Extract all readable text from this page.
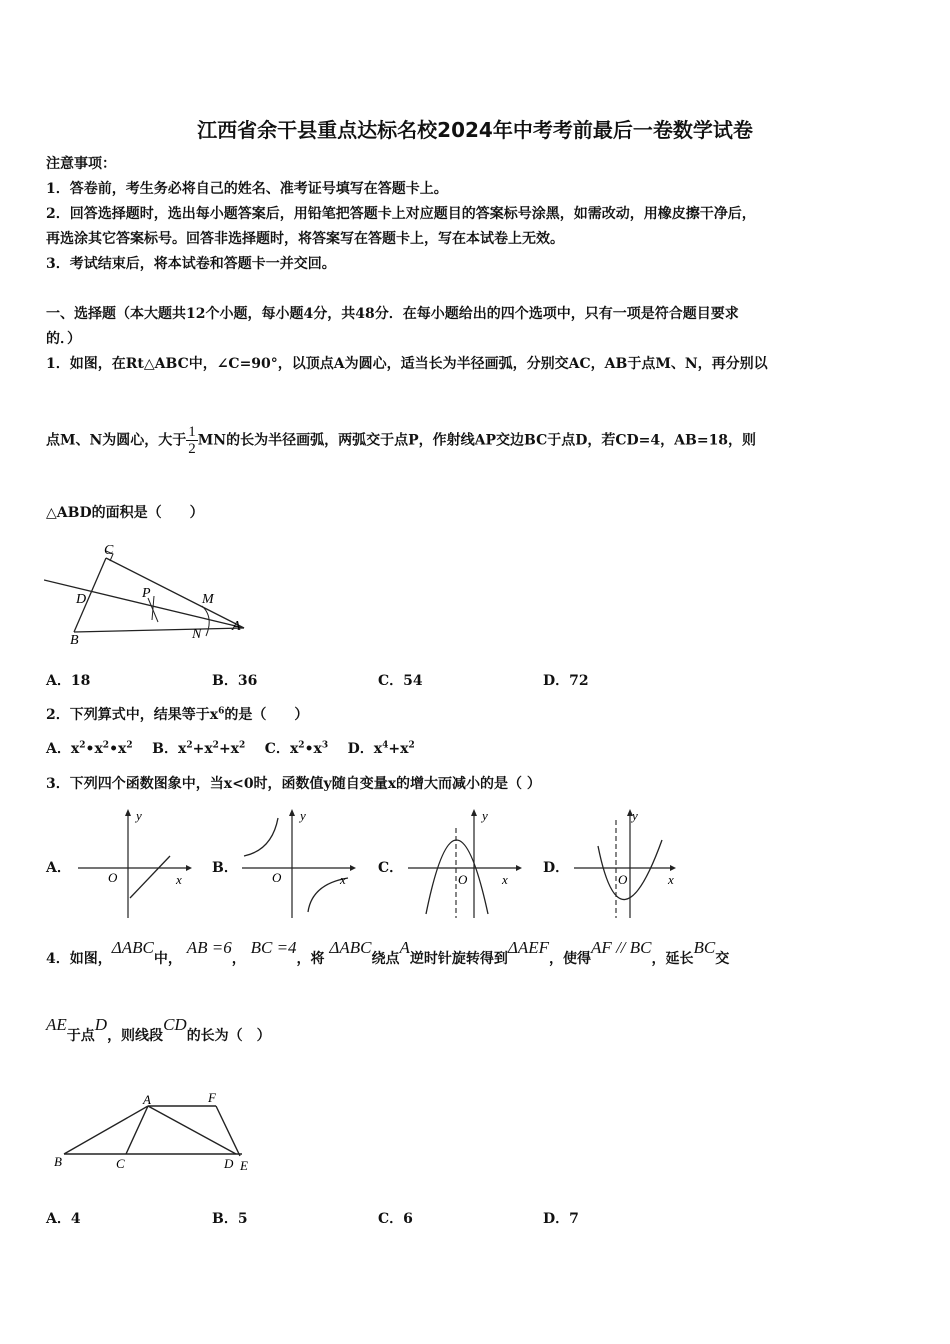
江西省余干县重点达标名校2024年中考考前最后一卷数学试卷
注意事项：
1．答卷前，考生务必将自己的姓名、准考证号填写在答题卡上。
2．回答选择题时，选出每小题答案后，用铅笔把答题卡上对应题目的答案标号涂黑，如需改动，用橡皮擦干净后，
再选涂其它答案标号。回答非选择题时，将答案写在答题卡上，写在本试卷上无效。
3．考试结束后，将本试卷和答题卡一并交回。
一、选择题（本大题共12个小题，每小题4分，共48分．在每小题给出的四个选项中，只有一项是符合题目要求
的．）
1．如图，在Rt△ABC中，∠C=90°，以顶点A为圆心，适当长为半径画弧，分别交AC，AB于点M、N，再分别以
点M、N为圆心，大于 $\frac{1}{2}MN$的长为半径画弧，两弧交于点P，作射线AP交边BC于点D，若CD=4，AB=18，则
△ABD的面积是（　　）
C
D	P	M
B	N
A
A．18	B．36	C．54	D．72
2．下列算式中，结果等于$x^6$的是（　　）
A．$x^2•x^2•x^2$ B．$x^2+x^2+x^2$ C．$x^2•x^3$ D．$x^4+x^2$
3．下列四个函数图象中，当x<0时，函数值y随自变量x的增大而减小的是（ ）
A．
y
x
O
B．
y
x
O
C．
y
x
O
D．
y
x
O
4．如图，ΔABC中， AB =6， BC =4，将 ΔABC绕点A逆时针旋转得到ΔAEF，使得AF // BC，延长BC交
AE于点D，则线段CD的长为（　）
A	F
B	C	D E
A．4	B．5	C．6	D．7
